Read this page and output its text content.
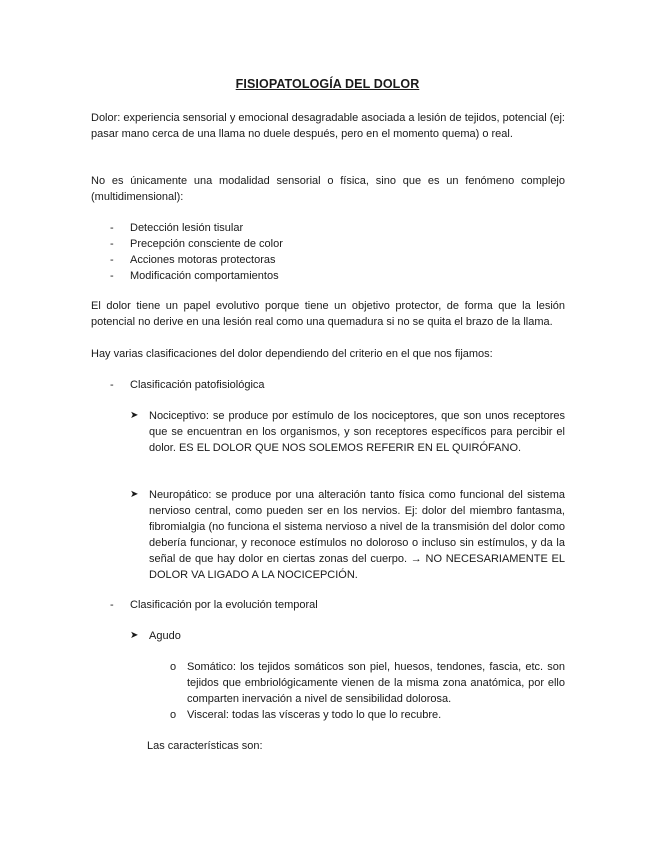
FISIOPATOLOGÍA DEL DOLOR
Dolor: experiencia sensorial y emocional desagradable asociada a lesión de tejidos, potencial (ej: pasar mano cerca de una llama no duele después, pero en el momento quema) o real.
No es únicamente una modalidad sensorial o física, sino que es un fenómeno complejo (multidimensional):
- Detección lesión tisular
- Precepción consciente de color
- Acciones motoras protectoras
- Modificación comportamientos
El dolor tiene un papel evolutivo porque tiene un objetivo protector, de forma que la lesión potencial no derive en una lesión real como una quemadura si no se quita el brazo de la llama.
Hay varias clasificaciones del dolor dependiendo del criterio en el que nos fijamos:
- Clasificación patofisiológica
➤ Nociceptivo: se produce por estímulo de los nociceptores, que son unos receptores que se encuentran en los organismos, y son receptores específicos para percibir el dolor. ES EL DOLOR QUE NOS SOLEMOS REFERIR EN EL QUIRÓFANO.
➤ Neuropático: se produce por una alteración tanto física como funcional del sistema nervioso central, como pueden ser en los nervios. Ej: dolor del miembro fantasma, fibromialgia (no funciona el sistema nervioso a nivel de la transmisión del dolor como debería funcionar, y reconoce estímulos no doloroso o incluso sin estímulos, y da la señal de que hay dolor en ciertas zonas del cuerpo. → NO NECESARIAMENTE EL DOLOR VA LIGADO A LA NOCICEPCIÓN.
- Clasificación por la evolución temporal
➤ Agudo
o Somático: los tejidos somáticos son piel, huesos, tendones, fascia, etc. son tejidos que embriológicamente vienen de la misma zona anatómica, por ello comparten inervación a nivel de sensibilidad dolorosa.
o Visceral: todas las vísceras y todo lo que lo recubre.
Las características son:
